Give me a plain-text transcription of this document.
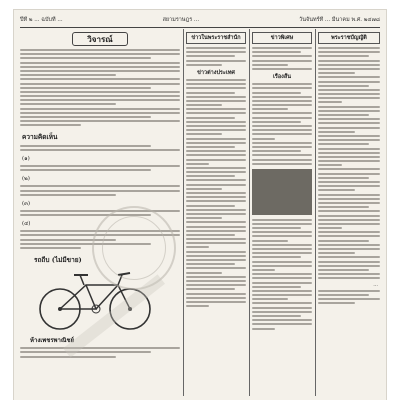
ปีที่ ๒ ... ฉบับที่ ...	สยามราษฎร ...	วันจันทร์ที่ ... มีนาคม พ.ศ. ๒๔๗๘
วิจารณ์
ความคิดเห็น
(๑)
(๒)
(๓)
(๔)
รถถีบ (ไม่มีขาย)
ห้างเพชรพาณิชย์
ข่าวในพระราชสำนัก
ข่าวต่างประเทศ
ข่าวพิเศษ
เรื่องสั้น
พระราชบัญญัติ
...
